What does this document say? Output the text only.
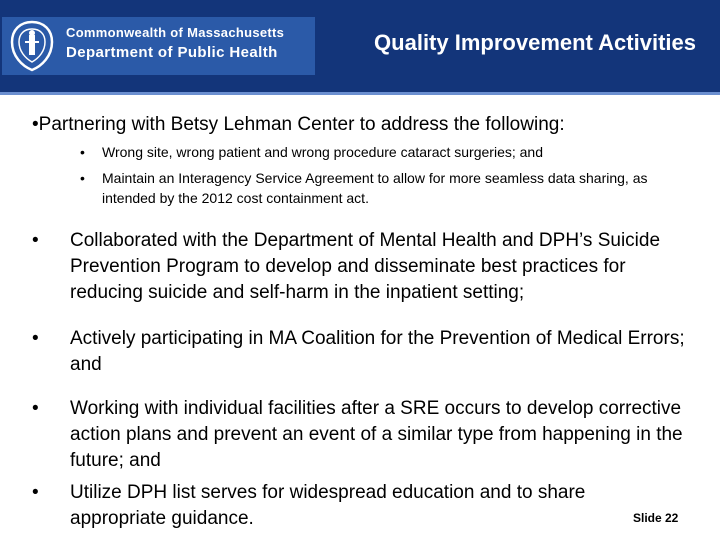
Commonwealth of Massachusetts
Department of Public Health	Quality Improvement Activities
•Partnering with Betsy Lehman Center to address the following:
•	Wrong site, wrong patient and wrong procedure cataract surgeries; and
•	Maintain an Interagency Service Agreement to allow for more seamless data sharing, as intended by the 2012 cost containment act.
•	Collaborated with the Department of Mental Health and DPH’s Suicide Prevention Program to develop and disseminate best practices for reducing suicide and self-harm in the inpatient setting;
•	Actively participating in MA Coalition for the Prevention of Medical Errors; and
•	Working with individual facilities after a SRE occurs to develop corrective action plans and prevent an event of a similar type from happening in the future; and
•	Utilize DPH list serves for widespread education and to share appropriate guidance.	Slide 22
